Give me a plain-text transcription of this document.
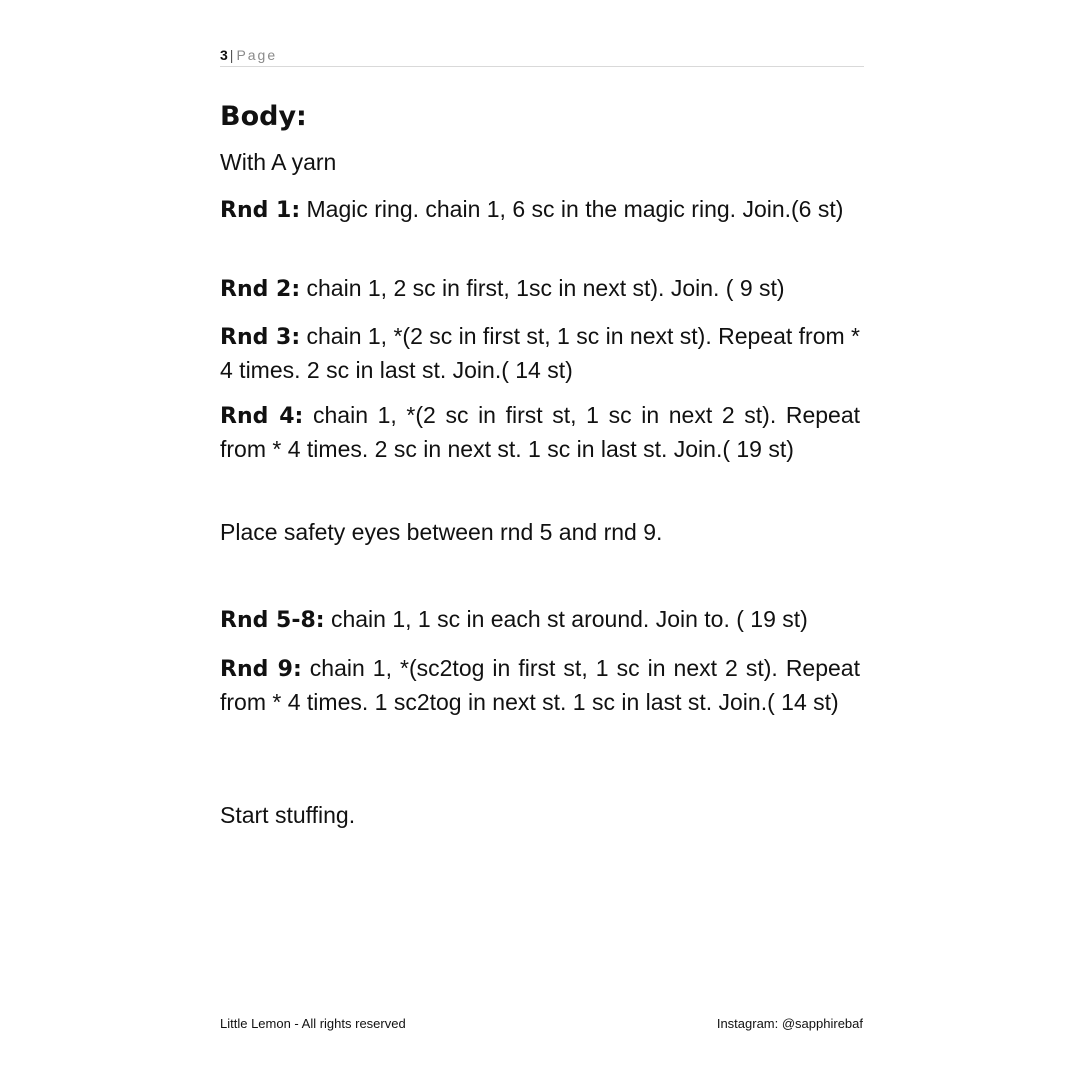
3 | Page
Body:

With A yarn

Rnd 1: Magic ring. chain 1, 6 sc in the magic ring. Join.(6 st)

Rnd 2: chain 1, 2 sc in first, 1sc in next st). Join. ( 9 st)

Rnd 3: chain 1, *(2 sc in first st, 1 sc in next st). Repeat from * 4 times. 2 sc in last st. Join.( 14 st)

Rnd 4: chain 1, *(2 sc in first st, 1 sc in next 2 st). Repeat from * 4 times. 2 sc in next st. 1 sc in last st. Join.( 19 st)

Place safety eyes between rnd 5 and rnd 9.

Rnd 5-8: chain 1, 1 sc in each st around. Join to. ( 19 st)

Rnd 9: chain 1, *(sc2tog in first st, 1 sc in next 2 st). Repeat from * 4 times. 1 sc2tog in next st. 1 sc in last st. Join.( 14 st)

Start stuffing.

Little Lemon - All rights reserved	Instagram: @sapphirebaf
